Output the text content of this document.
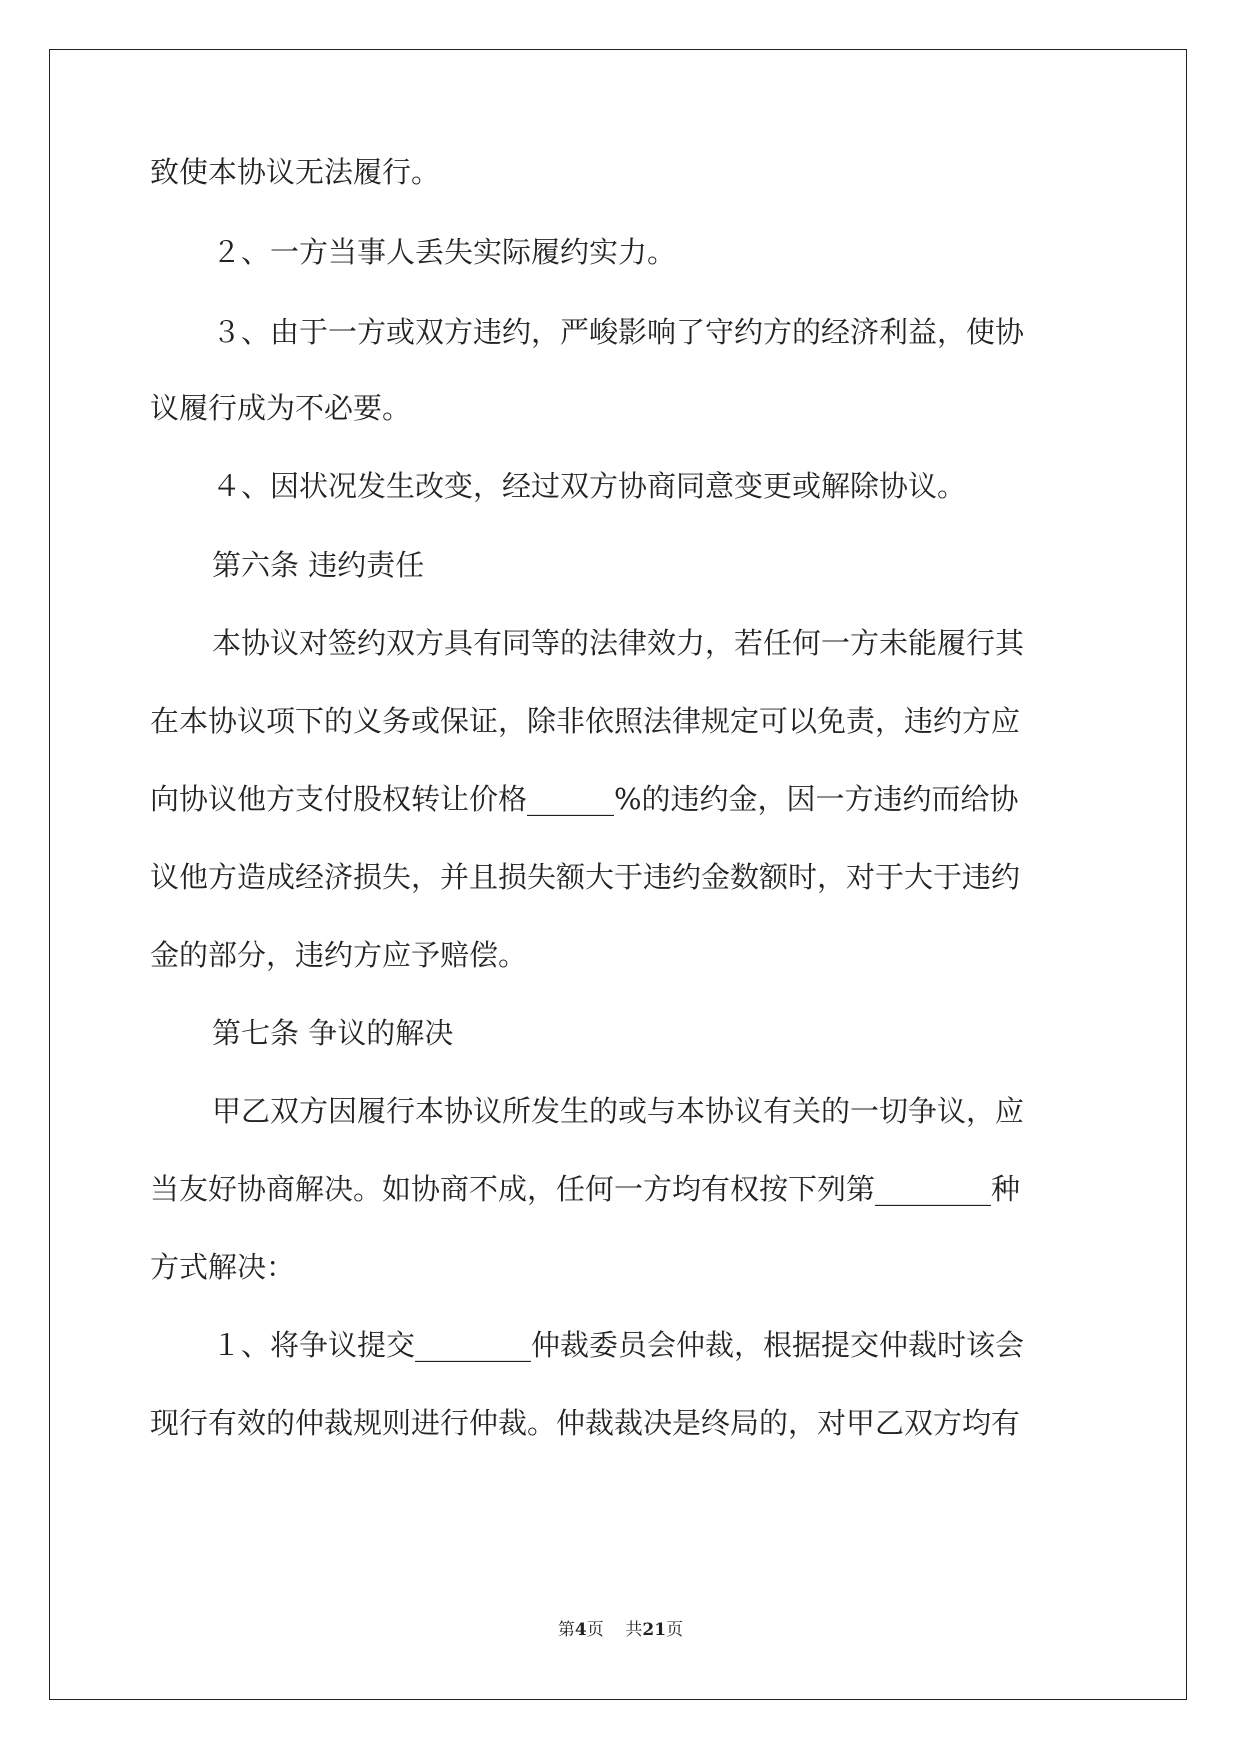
致使本协议无法履行。

２、一方当事人丢失实际履约实力。

３、由于一方或双方违约，严峻影响了守约方的经济利益，使协

议履行成为不必要。

４、因状况发生改变，经过双方协商同意变更或解除协议。

第六条 违约责任

本协议对签约双方具有同等的法律效力，若任何一方未能履行其

在本协议项下的义务或保证，除非依照法律规定可以免责，违约方应

向协议他方支付股权转让价格______%的违约金，因一方违约而给协

议他方造成经济损失，并且损失额大于违约金数额时，对于大于违约

金的部分，违约方应予赔偿。

第七条 争议的解决

甲乙双方因履行本协议所发生的或与本协议有关的一切争议，应

当友好协商解决。如协商不成，任何一方均有权按下列第________种

方式解决：

１、将争议提交________仲裁委员会仲裁，根据提交仲裁时该会

现行有效的仲裁规则进行仲裁。仲裁裁决是终局的，对甲乙双方均有

第4页 共21页
